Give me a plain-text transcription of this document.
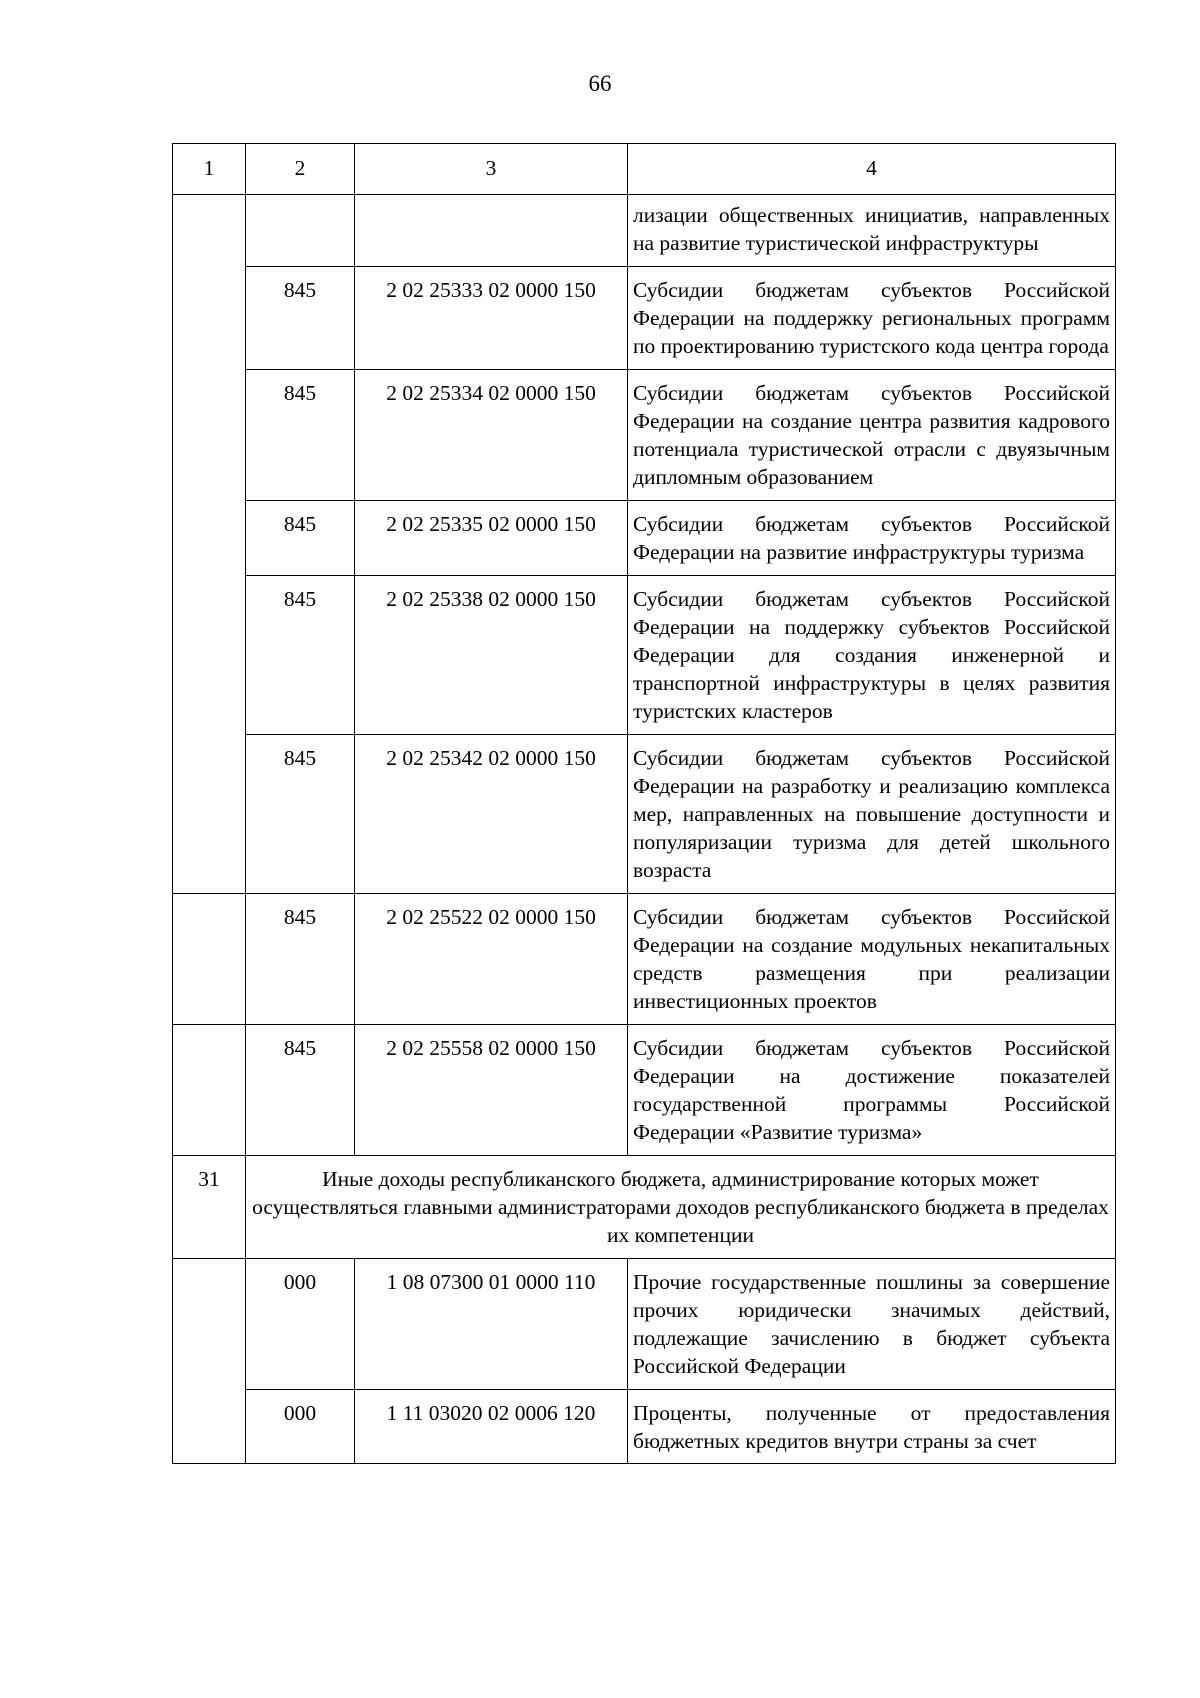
66
1	2	3	4
			лизации общественных инициатив, направленных на развитие туристической инфраструктуры
	845	2 02 25333 02 0000 150	Субсидии бюджетам субъектов Российской Федерации на поддержку региональных программ по проектированию туристского кода центра города
	845	2 02 25334 02 0000 150	Субсидии бюджетам субъектов Российской Федерации на создание центра развития кадрового потенциала туристической отрасли с двуязычным дипломным образованием
	845	2 02 25335 02 0000 150	Субсидии бюджетам субъектов Российской Федерации на развитие инфраструктуры туризма
	845	2 02 25338 02 0000 150	Субсидии бюджетам субъектов Российской Федерации на поддержку субъектов Российской Федерации для создания инженерной и транспортной инфраструктуры в целях развития туристских кластеров
	845	2 02 25342 02 0000 150	Субсидии бюджетам субъектов Российской Федерации на разработку и реализацию комплекса мер, направленных на повышение доступности и популяризации туризма для детей школьного возраста
	845	2 02 25522 02 0000 150	Субсидии бюджетам субъектов Российской Федерации на создание модульных некапитальных средств размещения при реализации инвестиционных проектов
	845	2 02 25558 02 0000 150	Субсидии бюджетам субъектов Российской Федерации на достижение показателей государственной программы Российской Федерации «Развитие туризма»
31	Иные доходы республиканского бюджета, администрирование которых может осуществляться главными администраторами доходов республиканского бюджета в пределах их компетенции		
	000	1 08 07300 01 0000 110	Прочие государственные пошлины за совершение прочих юридически значимых действий, подлежащие зачислению в бюджет субъекта Российской Федерации
	000	1 11 03020 02 0006 120	Проценты, полученные от предоставления бюджетных кредитов внутри страны за счет
